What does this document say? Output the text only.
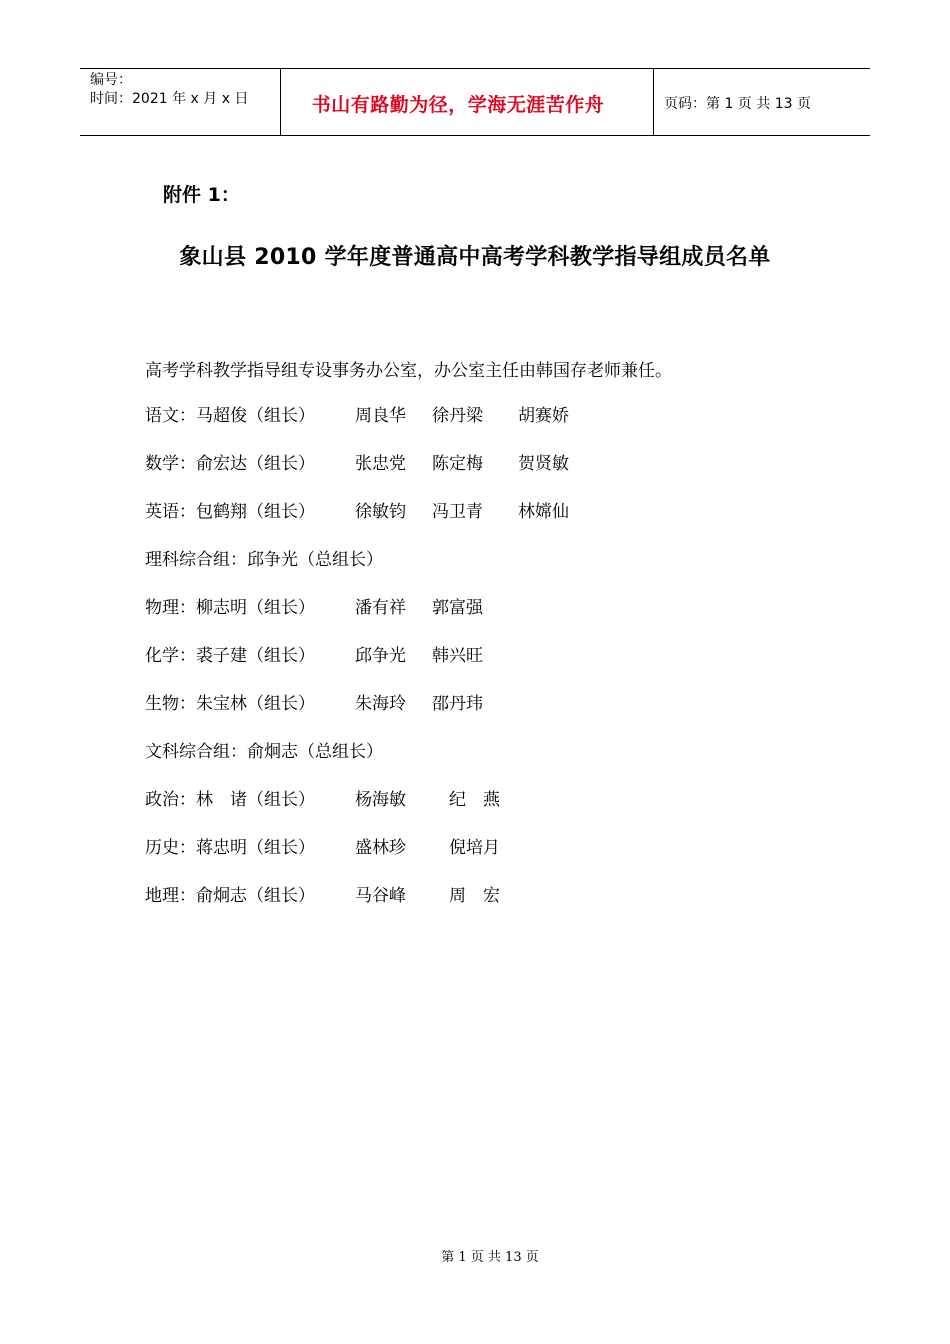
编号：
时间：2021 年 x 月 x 日	书山有路勤为径，学海无涯苦作舟	页码：第 1 页 共 13 页
附件 1：
象山县 2010 学年度普通高中高考学科教学指导组成员名单
高考学科教学指导组专设事务办公室，办公室主任由韩国存老师兼任。
语文：马超俊（组长） 周良华 徐丹梁 胡赛娇
数学：俞宏达（组长） 张忠党 陈定梅 贺贤敏
英语：包鹤翔（组长） 徐敏钧 冯卫青 林嫦仙
理科综合组：邱争光（总组长）
物理：柳志明（组长） 潘有祥 郭富强
化学：裘子建（组长） 邱争光 韩兴旺
生物：朱宝林（组长） 朱海玲 邵丹玮
文科综合组：俞炯志（总组长）
政治：林　诸（组长） 杨海敏 　纪　燕
历史：蒋忠明（组长） 盛林珍 　倪培月
地理：俞炯志（组长） 马谷峰 　周　宏
第 1 页 共 13 页
